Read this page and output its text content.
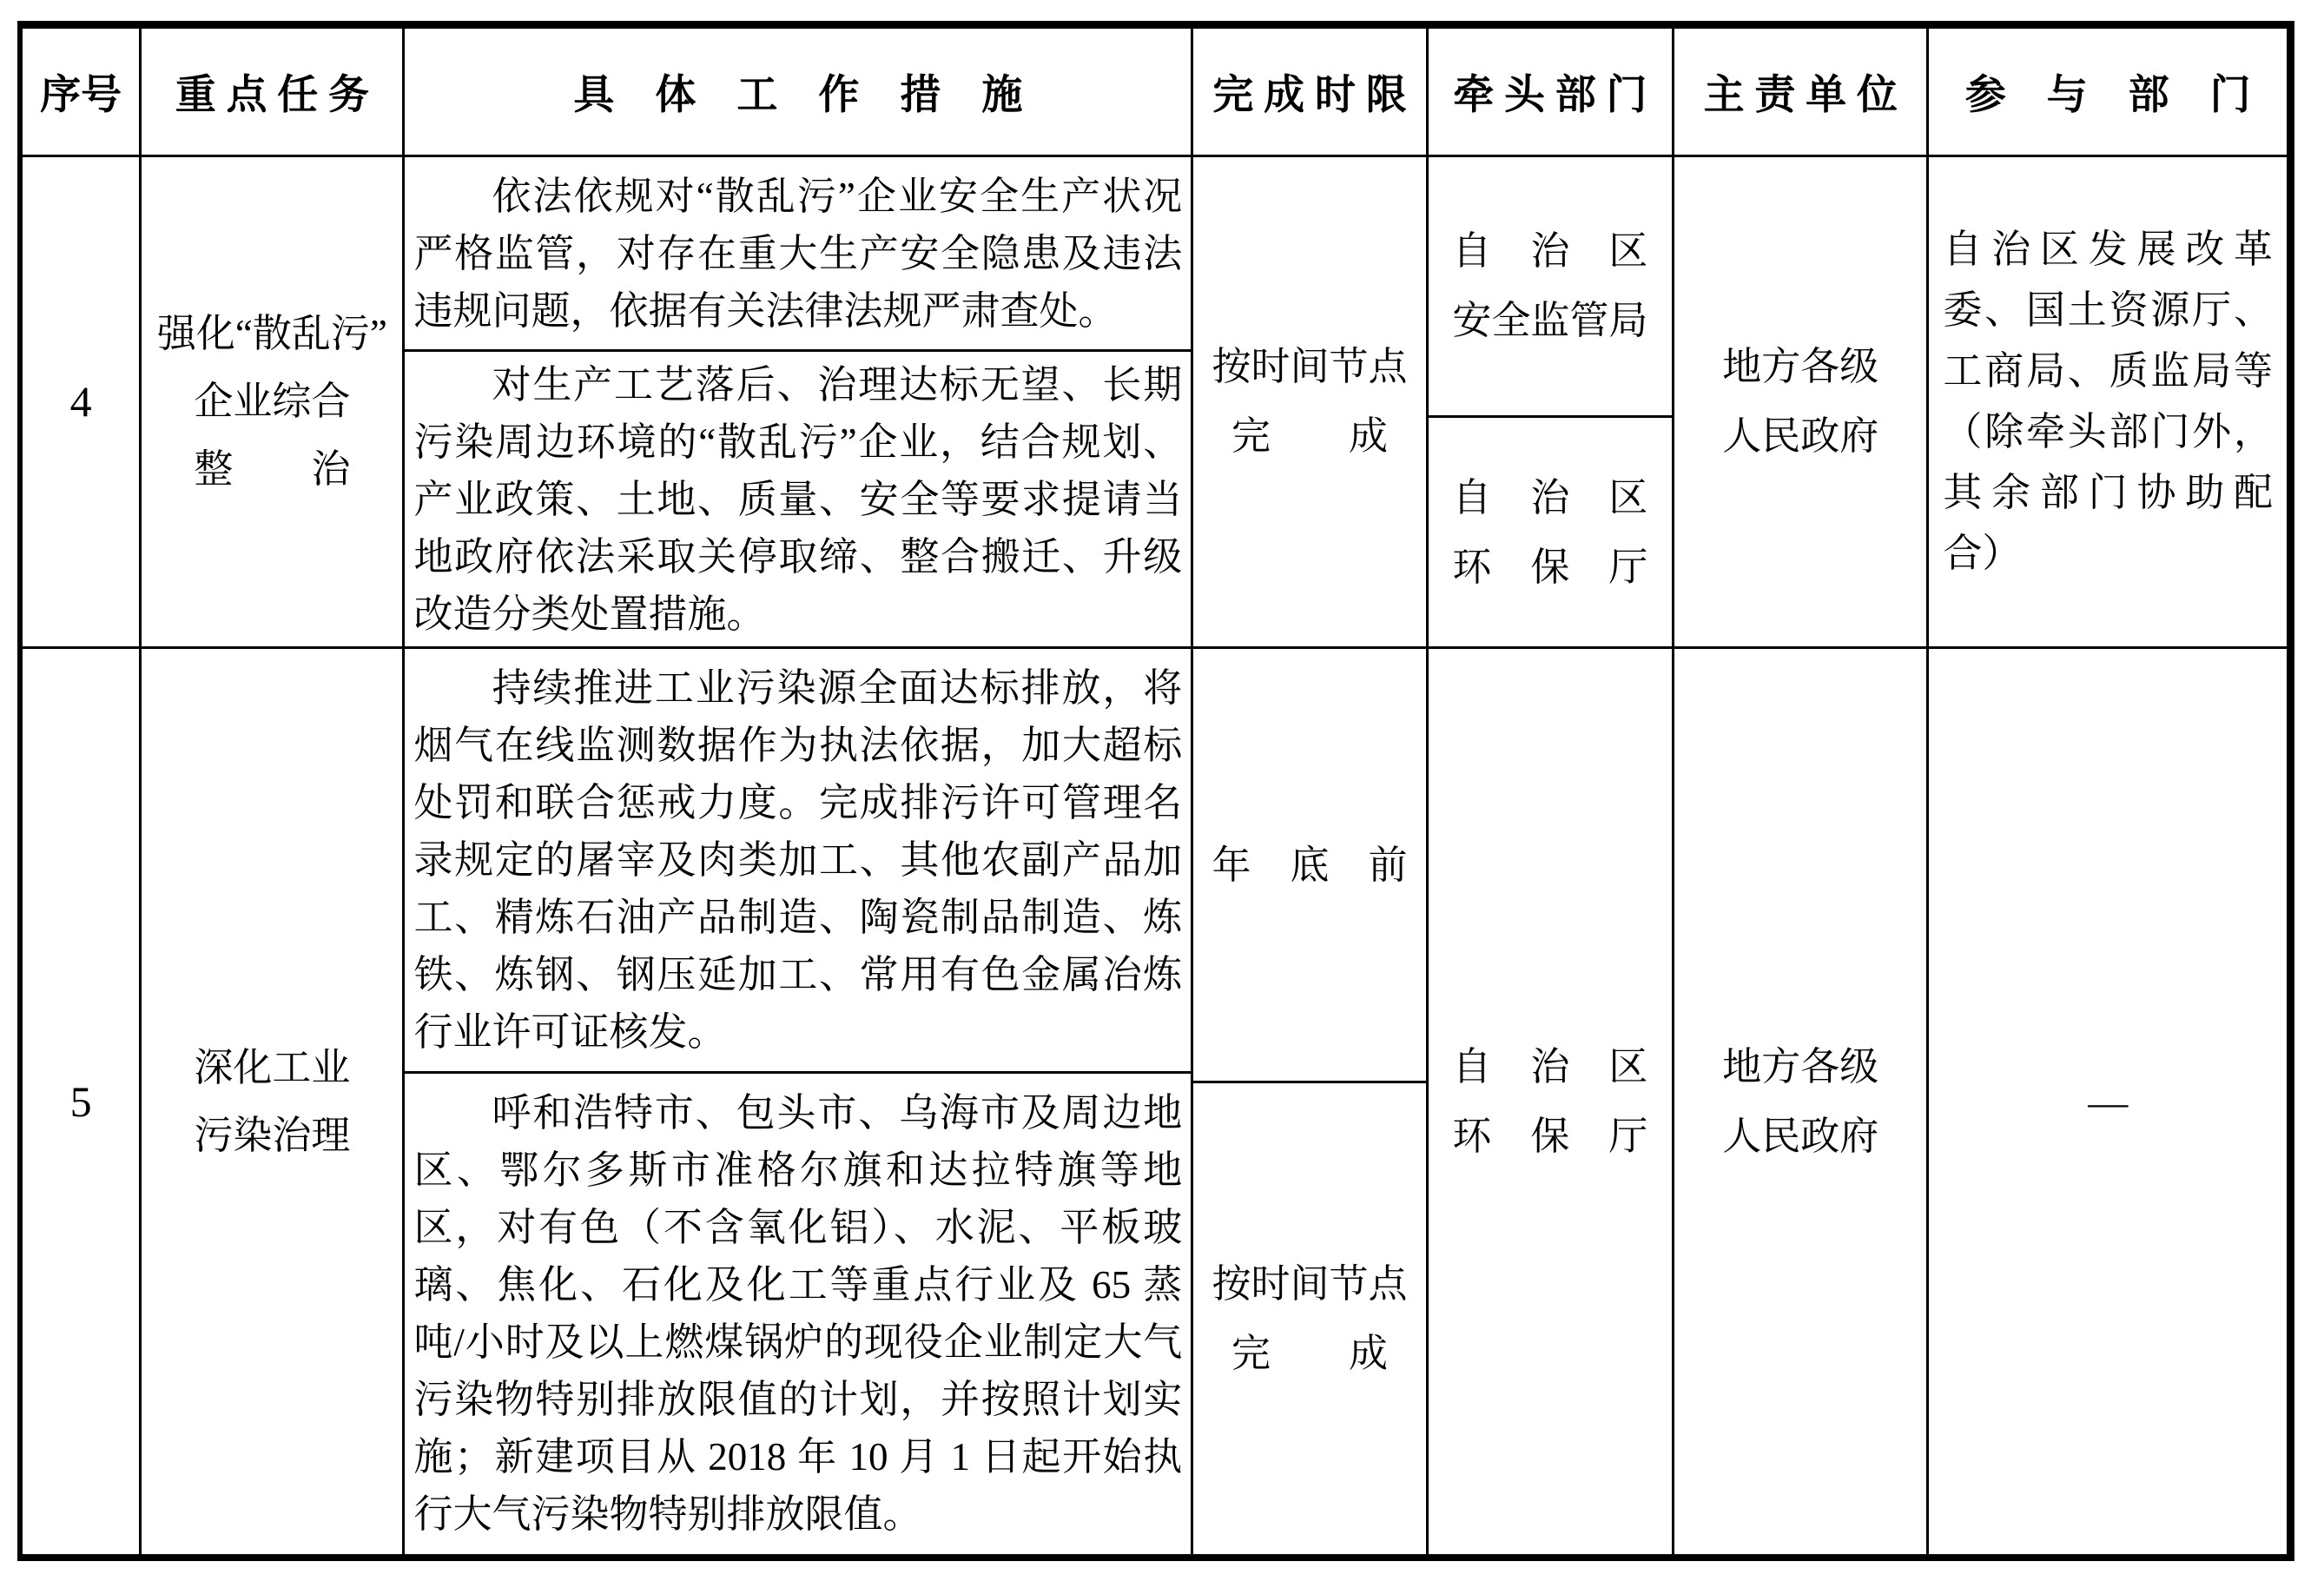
序号 重 点 任 务	具　体　工　作　措　施	完 成 时 限 牵 头 部 门 主 责 单 位 参　与　部　门
4
强化“散乱污”
企业综合
整　　治

依法依规对“散乱污”企业安全生产状况严格监管，对存在重大生产安全隐患及违法违规问题，依据有关法律法规严肃查处。

对生产工艺落后、治理达标无望、长期污染周边环境的“散乱污”企业，结合规划、产业政策、土地、质量、安全等要求提请当地政府依法采取关停取缔、整合搬迁、升级改造分类处置措施。

按时间节点
完　　成
自　治　区
安全监管局
自　治　区
环　保　厅
地方各级
人民政府

自治区发展改革委、国土资源厅、工商局、质监局等（除牵头部门外，其余部门协助配合）

5
深化工业
污染治理

持续推进工业污染源全面达标排放，将烟气在线监测数据作为执法依据，加大超标处罚和联合惩戒力度。完成排污许可管理名录规定的屠宰及肉类加工、其他农副产品加工、精炼石油产品制造、陶瓷制品制造、炼铁、炼钢、钢压延加工、常用有色金属冶炼行业许可证核发。

呼和浩特市、包头市、乌海市及周边地区、鄂尔多斯市准格尔旗和达拉特旗等地区，对有色（不含氧化铝）、水泥、平板玻璃、焦化、石化及化工等重点行业及 65 蒸吨/小时及以上燃煤锅炉的现役企业制定大气污染物特别排放限值的计划，并按照计划实施；新建项目从 2018 年 10 月 1 日起开始执行大气污染物特别排放限值。

年　底　前
按时间节点
完　　成
自　治　区
环　保　厅
地方各级
人民政府
—
